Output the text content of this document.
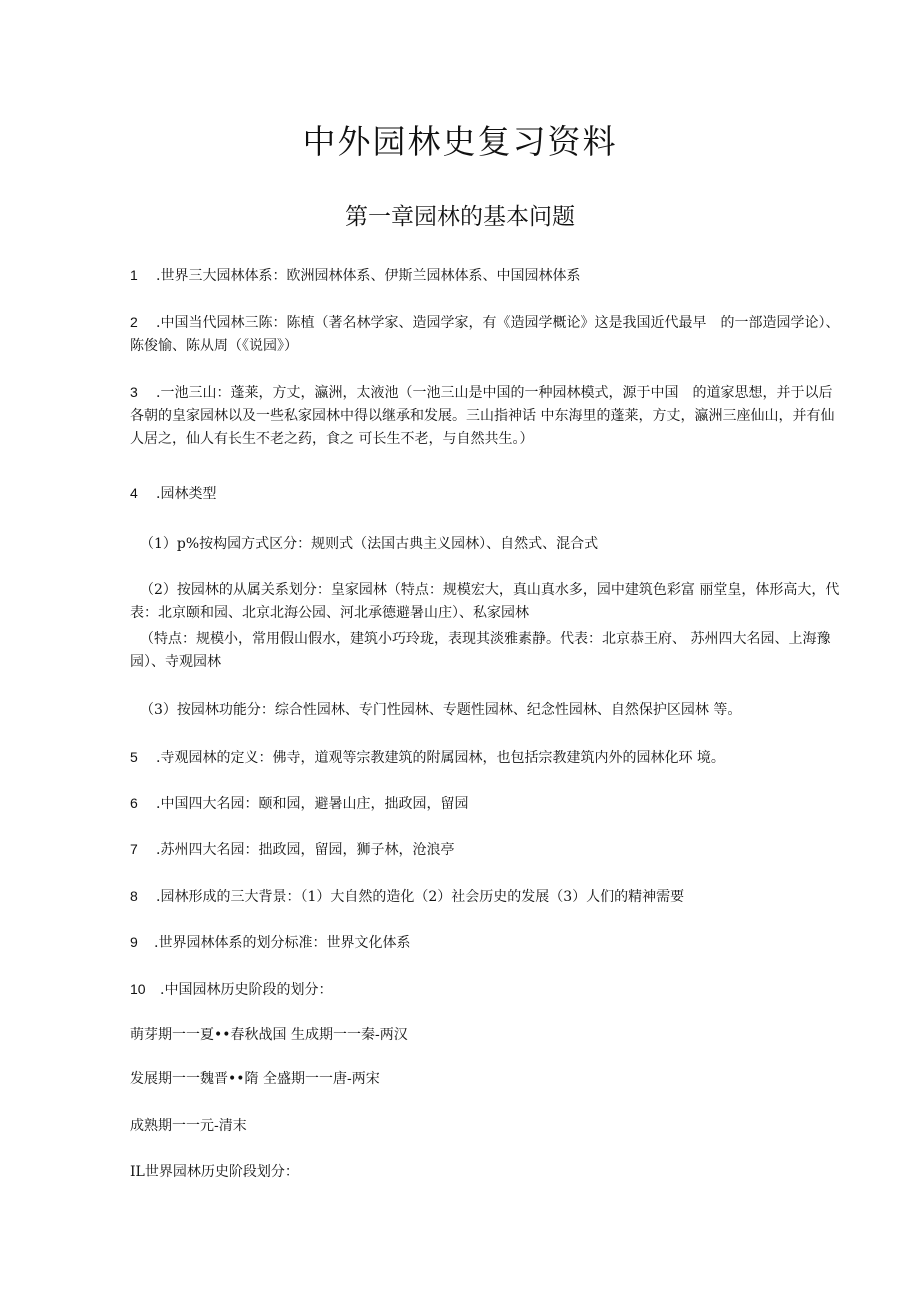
中外园林史复习资料
第一章园林的基本问题
1 .世界三大园林体系：欧洲园林体系、伊斯兰园林体系、中国园林体系
2 .中国当代园林三陈：陈植（著名林学家、造园学家，有《造园学概论》这是我国近代最早　的一部造园学论）、陈俊愉、陈从周（《说园》）
3 .一池三山：蓬莱，方丈，瀛洲，太液池（一池三山是中国的一种园林模式，源于中国　的道家思想，并于以后各朝的皇家园林以及一些私家园林中得以继承和发展。三山指神话 中东海里的蓬莱，方丈，瀛洲三座仙山，并有仙人居之，仙人有长生不老之药，食之 可长生不老，与自然共生。）
4 .园林类型
（1）p%按构园方式区分：规则式（法国古典主义园林）、自然式、混合式
（2）按园林的从属关系划分：皇家园林（特点：规模宏大，真山真水多，园中建筑色彩富 丽堂皇，体形高大，代表：北京颐和园、北京北海公园、河北承德避暑山庄）、私家园林
（特点：规模小，常用假山假水，建筑小巧玲珑，表现其淡雅素静。代表：北京恭王府、 苏州四大名园、上海豫园）、寺观园林
（3）按园林功能分：综合性园林、专门性园林、专题性园林、纪念性园林、自然保护区园林 等。
5 .寺观园林的定义：佛寺，道观等宗教建筑的附属园林，也包括宗教建筑内外的园林化环 境。
6 .中国四大名园：颐和园，避暑山庄，拙政园，留园
7 .苏州四大名园：拙政园，留园，狮子林，沧浪亭
8 .园林形成的三大背景：（1）大自然的造化（2）社会历史的发展（3）人们的精神需要
9 .世界园林体系的划分标准：世界文化体系
10 .中国园林历史阶段的划分：
萌芽期一一夏••春秋战国 生成期一一秦-两汉
发展期一一魏晋••隋 全盛期一一唐-两宋
成熟期一一元-清末
IL世界园林历史阶段划分：
